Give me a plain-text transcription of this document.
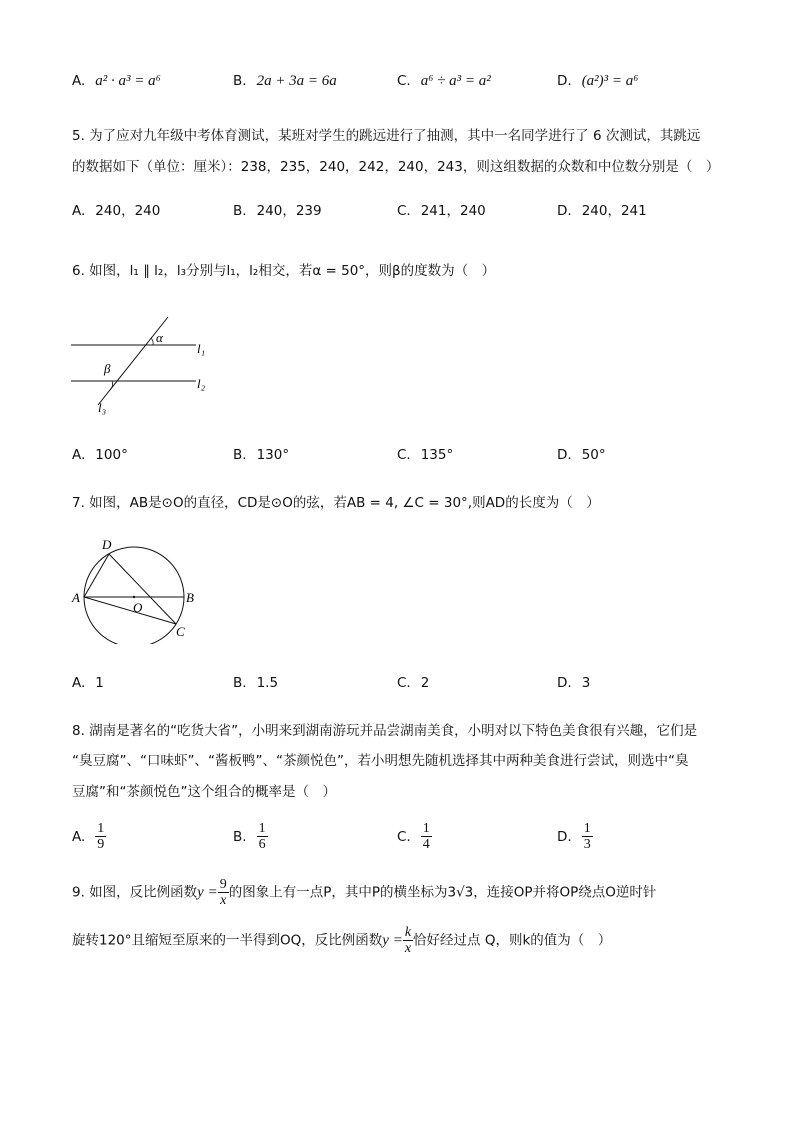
A. a² · a³ = a⁶	B. 2a + 3a = 6a	C. a⁶ ÷ a³ = a²	D. (a²)³ = a⁶
5. 为了应对九年级中考体育测试，某班对学生的跳远进行了抽测，其中一名同学进行了 6 次测试，其跳远
的数据如下（单位：厘米）：238，235，240，242，240，243，则这组数据的众数和中位数分别是（　）
A. 240，240	B. 240，239	C. 241，240	D. 240，241
6. 如图，l₁ ∥ l₂，l₃分别与l₁，l₂相交，若α = 50°，则β的度数为（　）
α
β
l₁
l₂
l₃
A. 100°	B. 130°	C. 135°	D. 50°
7. 如图，AB是⊙O的直径，CD是⊙O的弦，若AB = 4, ∠C = 30°,则AD的长度为（　）
A	B
C
D
O
A. 1	B. 1.5	C. 2	D. 3
8. 湖南是著名的“吃货大省”，小明来到湖南游玩并品尝湖南美食，小明对以下特色美食很有兴趣，它们是
“臭豆腐”、“口味虾”、“酱板鸭”、“茶颜悦色”，若小明想先随机选择其中两种美食进行尝试，则选中“臭
豆腐”和“茶颜悦色”这个组合的概率是（　）
A. $\frac{1}{9}$	B. $\frac{1}{6}$	C. $\frac{1}{4}$	D. $\frac{1}{3}$
9. 如图，反比例函数$y = \frac{9}{x}$ 的图象上有一点P，其中P的横坐标为3√3，连接OP并将OP绕点O逆时针
旋转120°且缩短至原来的一半得到OQ，反比例函数$y = \frac{k}{x}$ 恰好经过点 Q，则k的值为（　）
